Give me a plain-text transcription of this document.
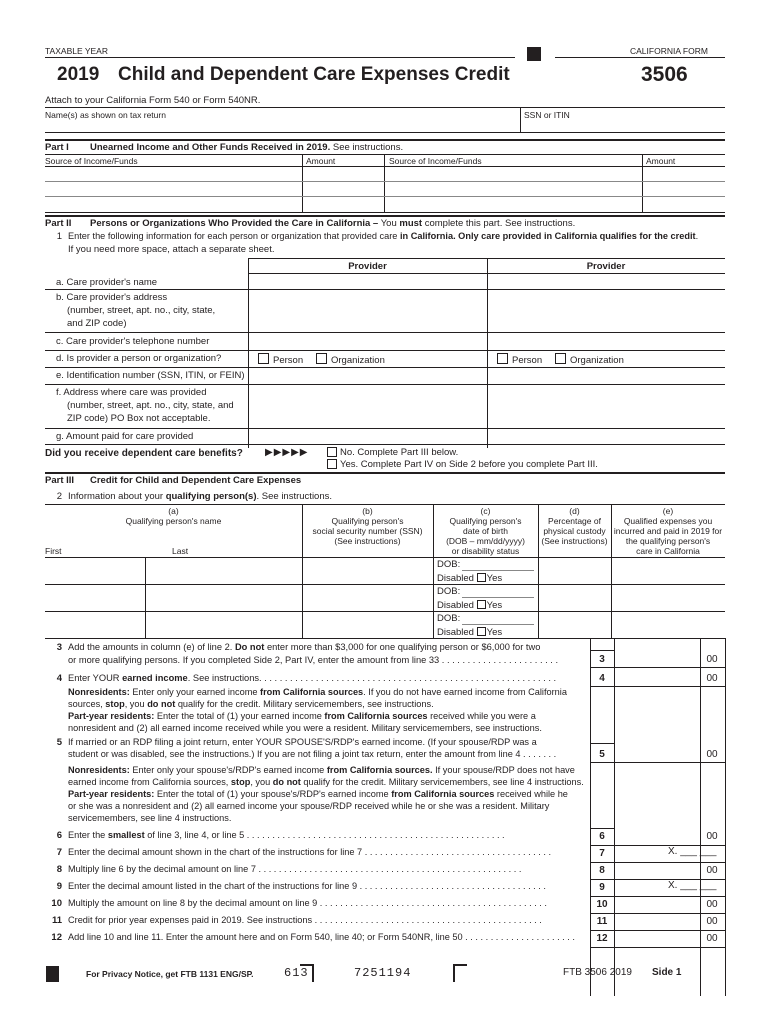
TAXABLE YEAR	CALIFORNIA FORM
2019 Child and Dependent Care Expenses Credit	3506
Attach to your California Form 540 or Form 540NR.
Name(s) as shown on tax return	SSN or ITIN
Part I Unearned Income and Other Funds Received in 2019. See instructions.
Source of Income/Funds	Amount	Source of Income/Funds	Amount
Part II Persons or Organizations Who Provided the Care in California – You must complete this part. See instructions.
1 Enter the following information for each person or organization that provided care in California. Only care provided in California qualifies for the credit.
If you need more space, attach a separate sheet.
Provider	Provider
a. Care provider's name
b. Care provider's address
(number, street, apt. no., city, state,
and ZIP code)
c. Care provider's telephone number
d. Is provider a person or organization?	Person	Organization	Person	Organization
e. Identification number (SSN, ITIN, or FEIN)
f. Address where care was provided
(number, street, apt. no., city, state, and
ZIP code) PO Box not acceptable.
g. Amount paid for care provided
Did you receive dependent care benefits? ▶▶▶▶▶	No. Complete Part III below.
Yes. Complete Part IV on Side 2 before you complete Part III.
Part III Credit for Child and Dependent Care Expenses
2 Information about your qualifying person(s). See instructions.
(a)
Qualifying person's name
(b)
Qualifying person's
social security number (SSN)
(See instructions)
(c)
Qualifying person's
date of birth
(DOB – mm/dd/yyyy)
or disability status
(d)
Percentage of
physical custody
(See instructions)
(e)
Qualified expenses you
incurred and paid in 2019 for
the qualifying person's
care in California
First	Last
DOB:
Disabled Yes
DOB:
Disabled Yes
DOB:
Disabled Yes
3 Add the amounts in column (e) of line 2. Do not enter more than $3,000 for one qualifying person or $6,000 for two
or more qualifying persons. If you completed Side 2, Part IV, enter the amount from line 33 . . . . . . . . . . . . . . . . . . . . . . .	3	00
4 Enter YOUR earned income. See instructions. . . . . . . . . . . . . . . . . . . . . . . . . . . . . . . . . . . . . . . . . . . . . . . . . . . . . . . . . .	4	00
Nonresidents: Enter only your earned income from California sources. If you do not have earned income from California
sources, stop, you do not qualify for the credit. Military servicemembers, see instructions.
Part-year residents: Enter the total of (1) your earned income from California sources received while you were a
nonresident and (2) all earned income received while you were a resident. Military servicemembers, see instructions.
5 If married or an RDP filing a joint return, enter YOUR SPOUSE'S/RDP's earned income. (If your spouse/RDP was a
student or was disabled, see the instructions.) If you are not filing a joint tax return, enter the amount from line 4 . . . . . . .	5	00
Nonresidents: Enter only your spouse's/RDP's earned income from California sources. If your spouse/RDP does not have
earned income from California sources, stop, you do not qualify for the credit. Military servicemembers, see line 4 instructions.
Part-year residents: Enter the total of (1) your spouse's/RDP's earned income from California sources received while he
or she was a nonresident and (2) all earned income your spouse/RDP received while he or she was a resident. Military
servicemembers, see line 4 instructions.
6 Enter the smallest of line 3, line 4, or line 5 . . . . . . . . . . . . . . . . . . . . . . . . . . . . . . . . . . . . . . . . . . . . . . . . . . .	6	00
7 Enter the decimal amount shown in the chart of the instructions for line 7 . . . . . . . . . . . . . . . . . . . . . . . . . . . . . . . . . . . . .	7	X. ___ ___
8 Multiply line 6 by the decimal amount on line 7 . . . . . . . . . . . . . . . . . . . . . . . . . . . . . . . . . . . . . . . . . . . . . . . . . . . .	8	00
9 Enter the decimal amount listed in the chart of the instructions for line 9 . . . . . . . . . . . . . . . . . . . . . . . . . . . . . . . . . . . . .	9	X. ___ ___
10 Multiply the amount on line 8 by the decimal amount on line 9 . . . . . . . . . . . . . . . . . . . . . . . . . . . . . . . . . . . . . . . . . . . . .	10	00
11 Credit for prior year expenses paid in 2019. See instructions . . . . . . . . . . . . . . . . . . . . . . . . . . . . . . . . . . . . . . . . . . . . .	11	00
12 Add line 10 and line 11. Enter the amount here and on Form 540, line 40; or Form 540NR, line 50 . . . . . . . . . . . . . . . . . . . . . .	12	00
For Privacy Notice, get FTB 1131 ENG/SP.	613	7251194	FTB 3506 2019 Side 1
